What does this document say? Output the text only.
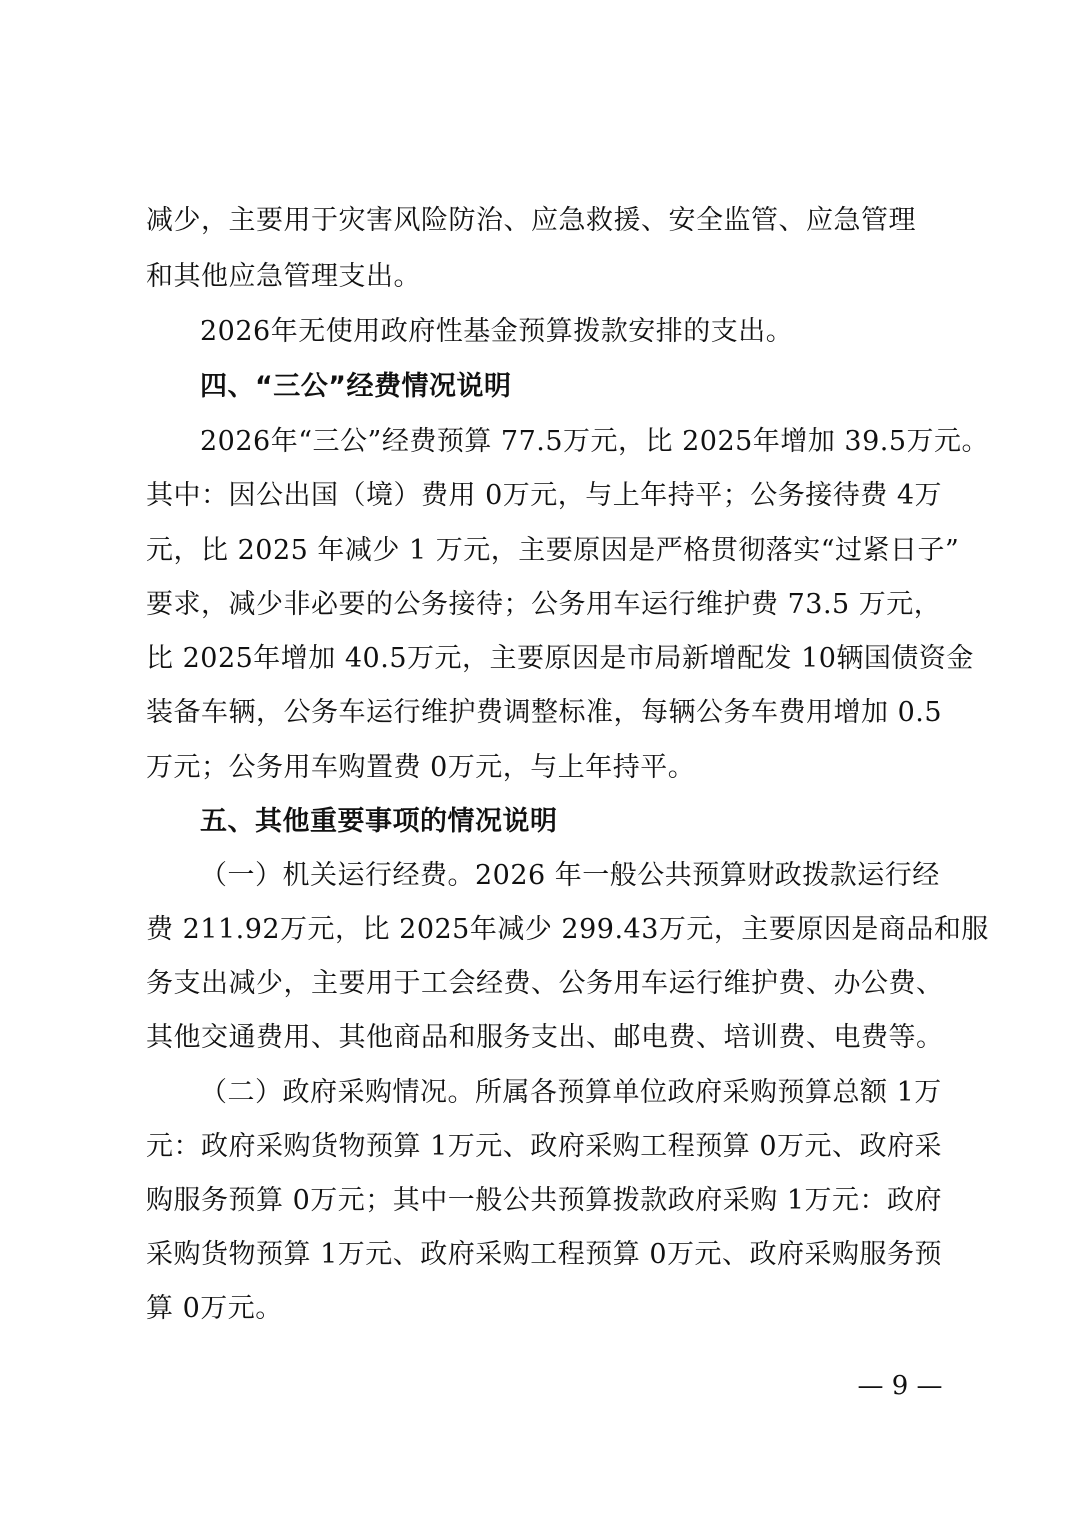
减少，主要用于灾害风险防治、应急救援、安全监管、应急管理
和其他应急管理支出。
2026年无使用政府性基金预算拨款安排的支出。
四、“三公”经费情况说明
2026年“三公”经费预算 77.5万元，比 2025年增加 39.5万元。
其中：因公出国（境）费用 0万元，与上年持平；公务接待费 4万
元，比 2025 年减少 1 万元，主要原因是严格贯彻落实“过紧日子”
要求，减少非必要的公务接待；公务用车运行维护费 73.5 万元，
比 2025年增加 40.5万元，主要原因是市局新增配发 10辆国债资金
装备车辆，公务车运行维护费调整标准，每辆公务车费用增加 0.5
万元；公务用车购置费 0万元，与上年持平。
五、其他重要事项的情况说明
（一）机关运行经费。2026 年一般公共预算财政拨款运行经
费 211.92万元，比 2025年减少 299.43万元，主要原因是商品和服
务支出减少，主要用于工会经费、公务用车运行维护费、办公费、
其他交通费用、其他商品和服务支出、邮电费、培训费、电费等。
（二）政府采购情况。所属各预算单位政府采购预算总额 1万
元：政府采购货物预算 1万元、政府采购工程预算 0万元、政府采
购服务预算 0万元；其中一般公共预算拨款政府采购 1万元：政府
采购货物预算 1万元、政府采购工程预算 0万元、政府采购服务预
算 0万元。
— 9 —
